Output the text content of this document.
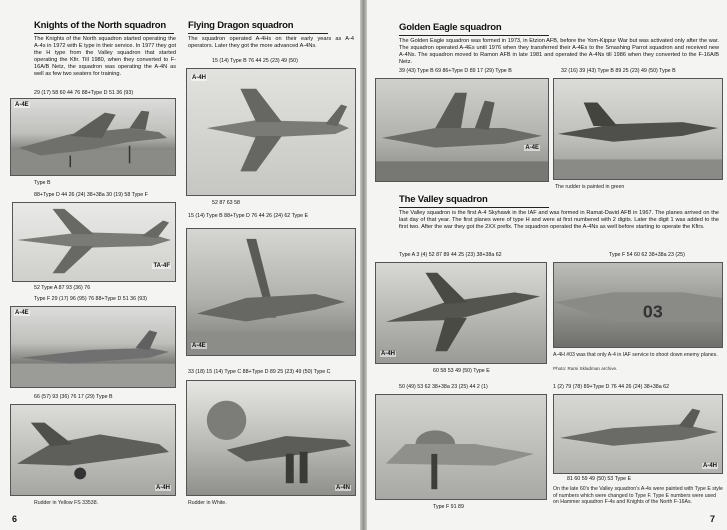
Knights of the North squadron
The Knights of the North squadron started operating the A-4s in 1972 with E type in their service. In 1977 they got the H type from the Valley squadron that started operating the Kfir. Till 1980, when they converted to F-16A/B Netz, the squadron was operating the A-4N as well as few two seaters for training.
29 (17) 58 60 44 76 88+Type D 51 36 (93)
A-4E
Type B
88+Type D 44 26 (24) 38+38a 30 (19) 58 Type F
TA-4F
52 Type A 87 93 (36) 76
Type F 29 (17) 96 (95) 76 88+Type D 51 36 (93)
A-4E
66 (57) 93 (36) 76 17 (29) Type B
A-4H
Rudder in Yellow FS 33538.
Flying Dragon squadron
The squadron operated A-4Hs on their early years as A-4 operators. Later they got the more advanced A-4Ns.
15 (14) Type B 76 44 25 (23) 49 (50)
A-4H
52 87 63 58
15 (14) Type B 88+Type D 76 44 26 (24) 62 Type E
A-4E
33 (18) 15 (14) Type C 88+Type D 89 25 (23) 49 (50) Type C
A-4N
Rudder in White.
6
Golden Eagle squadron
The Golden Eagle squadron was formed in 1973, in Etzion AFB, before the Yom-Kippur War but was activated only after the war. The squadron operated A-4Es until 1976 when they transferred their A-4Es to the Smashing Parrot squadron and received new A-4Ns. The squadron moved to Ramon AFB in late 1981 and operated the A-4Ns till 1986 when they converted to the F-16A/B Netz.
39 (43) Type B 69 86+Type D 89 17 (29) Type B
A-4E
32 (16) 39 (43) Type B 89 25 (23) 49 (50) Type B
The rudder is painted in green
The Valley squadron
The Valley squadron is the first A-4 Skyhawk in the IAF and was formed in Ramat-David AFB in 1967. The planes arrived on the last day of that year. The first planes were of type H and were at first numbered with 2 digits. Later the digit 1 was added to the first two. After the war they got the 2XX prefix. The squadron operated the A-4Ns as well before starting to operate the Kfirs.
Type A 3 (4) 52 87 89 44 25 (23) 38+38a 62
A-4H
60 58 53 49 (50) Type E
Type F 54 60 62 38+38a 23 (25)
03
A-4H #03 was that only A-4 in IAF service to shoot down enemy planes.
Photo: Rami Skladman archive.
50 (49) 53 62 38+38a 23 (25) 44 2 (1)
Type F 91 89
1 (2) 79 (78) 89+Type D 76 44 26 (24) 38+38a 62
A-4H
81 60 59 49 (50) 53 Type E
On the late 60's the Valley squadron's A-4s were painted with Type E style of numbers which were changed to Type F. Type E numbers were used on Hammer squadron F-4s and Knights of the North F-16As.
7
